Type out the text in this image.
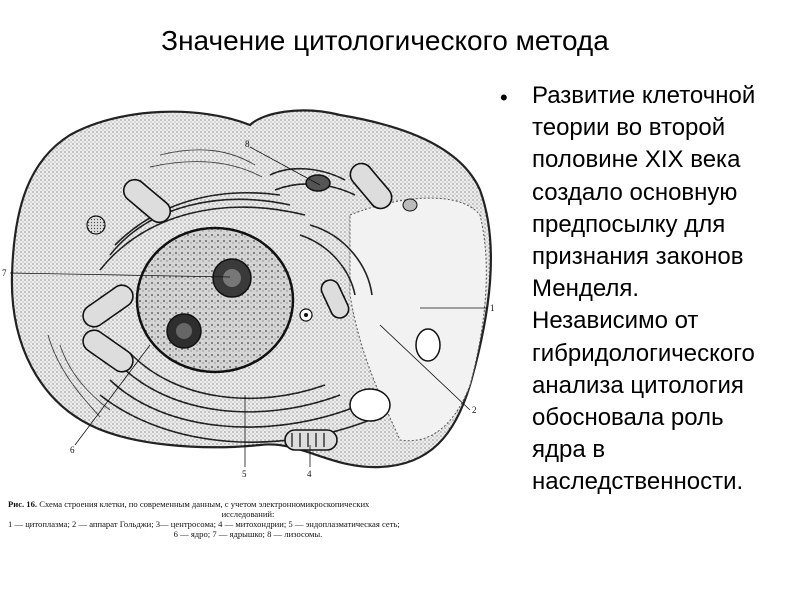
Значение цитологического метода
7
8
1
2
4
5
6
Рис. 16. Схема строения клетки, по современным данным, с учетом электронномикроскопических
исследований:
1 — цитоплазма; 2 — аппарат Гольджи; 3— центросома; 4 — митохондрии; 5 — эндоплазматическая сеть;
6 — ядро; 7 — ядрышко; 8 — лизосомы.
• Развитие клеточной
теории во второй
половине XIX века
создало основную
предпосылку для
признания законов
Менделя.
Независимо от
гибридологического
анализа цитология
обосновала роль
ядра в
наследственности.
